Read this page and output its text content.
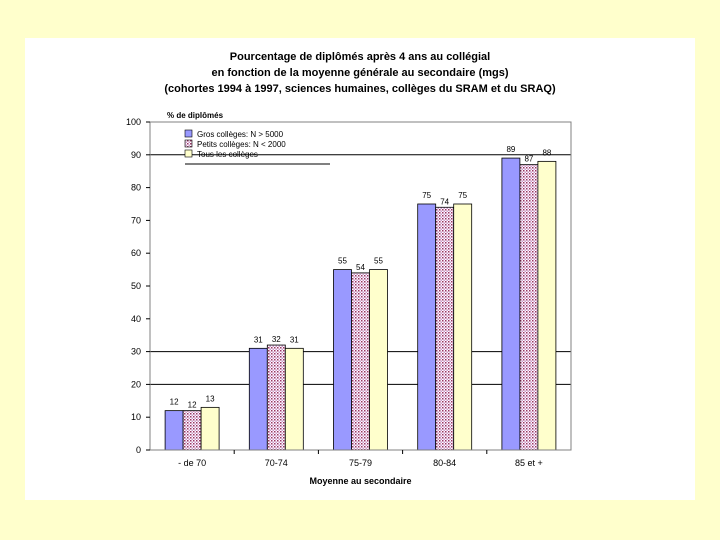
Pourcentage de diplômés après 4 ans au collégial
en fonction de la moyenne générale au secondaire (mgs)
(cohortes 1994 à 1997, sciences humaines, collèges du SRAM et du SRAQ)
0
10
20
30
40
50
60
70
80
90
100
% de diplômés
Moyenne au secondaire
- de 70	70-74	75-79	80-84	85 et +
12 12
13
31 32 31
55
54
55
75
74
75
89
87
88
Gros collèges: N > 5000
Petits collèges: N < 2000
Tous les collèges
